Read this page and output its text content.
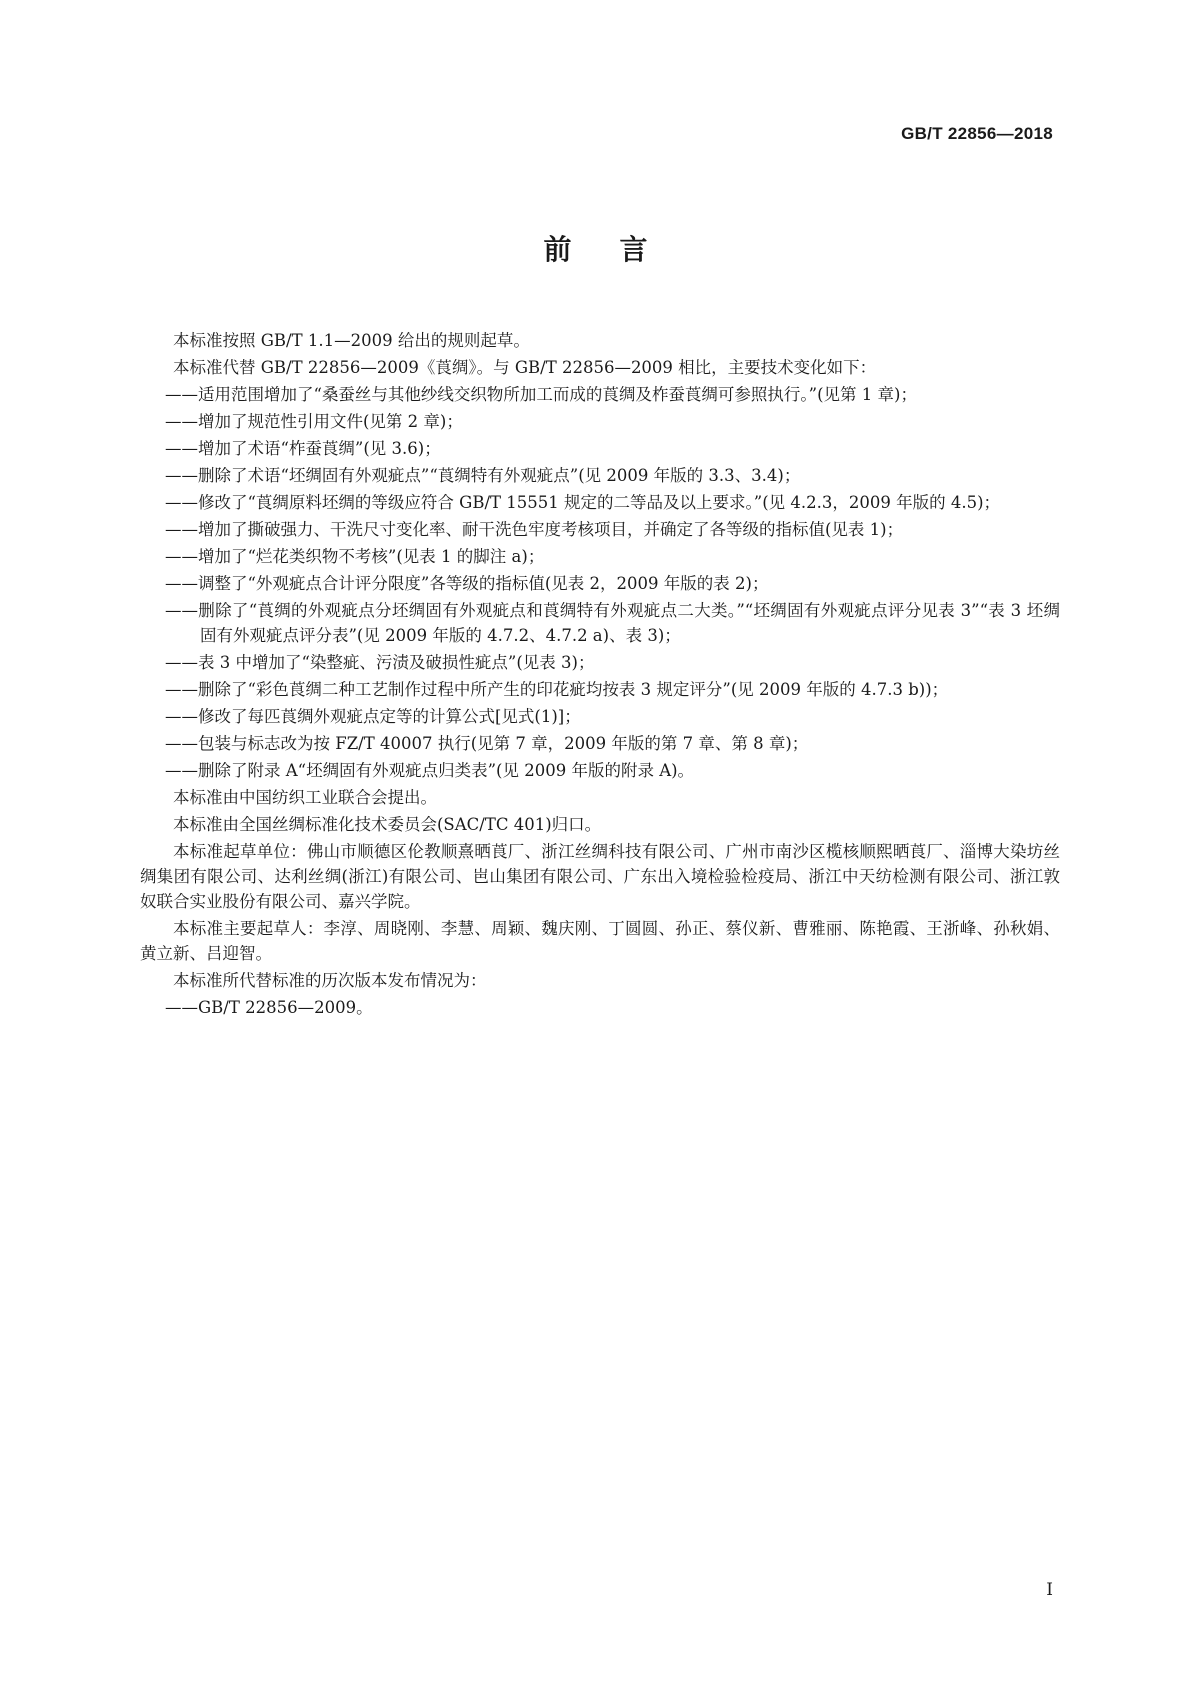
GB/T 22856—2018
前言

本标准按照 GB/T 1.1—2009 给出的规则起草。

本标准代替 GB/T 22856—2009《莨绸》。与 GB/T 22856—2009 相比，主要技术变化如下：

——适用范围增加了“桑蚕丝与其他纱线交织物所加工而成的莨绸及柞蚕莨绸可参照执行。”(见第 1 章)；

——增加了规范性引用文件(见第 2 章)；

——增加了术语“柞蚕莨绸”(见 3.6)；

——删除了术语“坯绸固有外观疵点”“莨绸特有外观疵点”(见 2009 年版的 3.3、3.4)；

——修改了“莨绸原料坯绸的等级应符合 GB/T 15551 规定的二等品及以上要求。”(见 4.2.3，2009 年版的 4.5)；

——增加了撕破强力、干洗尺寸变化率、耐干洗色牢度考核项目，并确定了各等级的指标值(见表 1)；

——增加了“烂花类织物不考核”(见表 1 的脚注 a)；

——调整了“外观疵点合计评分限度”各等级的指标值(见表 2，2009 年版的表 2)；

——删除了“莨绸的外观疵点分坯绸固有外观疵点和莨绸特有外观疵点二大类。”“坯绸固有外观疵点评分见表 3”“表 3 坯绸固有外观疵点评分表”(见 2009 年版的 4.7.2、4.7.2 a)、表 3)；

——表 3 中增加了“染整疵、污渍及破损性疵点”(见表 3)；

——删除了“彩色莨绸二种工艺制作过程中所产生的印花疵均按表 3 规定评分”(见 2009 年版的 4.7.3 b))；

——修改了每匹莨绸外观疵点定等的计算公式[见式(1)]；

——包装与标志改为按 FZ/T 40007 执行(见第 7 章，2009 年版的第 7 章、第 8 章)；

——删除了附录 A“坯绸固有外观疵点归类表”(见 2009 年版的附录 A)。

本标准由中国纺织工业联合会提出。

本标准由全国丝绸标准化技术委员会(SAC/TC 401)归口。

本标准起草单位：佛山市顺德区伦教顺熹晒莨厂、浙江丝绸科技有限公司、广州市南沙区榄核顺熙晒莨厂、淄博大染坊丝绸集团有限公司、达利丝绸(浙江)有限公司、岜山集团有限公司、广东出入境检验检疫局、浙江中天纺检测有限公司、浙江敦奴联合实业股份有限公司、嘉兴学院。

本标准主要起草人：李淳、周晓刚、李慧、周颖、魏庆刚、丁圆圆、孙正、蔡仪新、曹雅丽、陈艳霞、王浙峰、孙秋娟、黄立新、吕迎智。

本标准所代替标准的历次版本发布情况为：

——GB/T 22856—2009。

I
